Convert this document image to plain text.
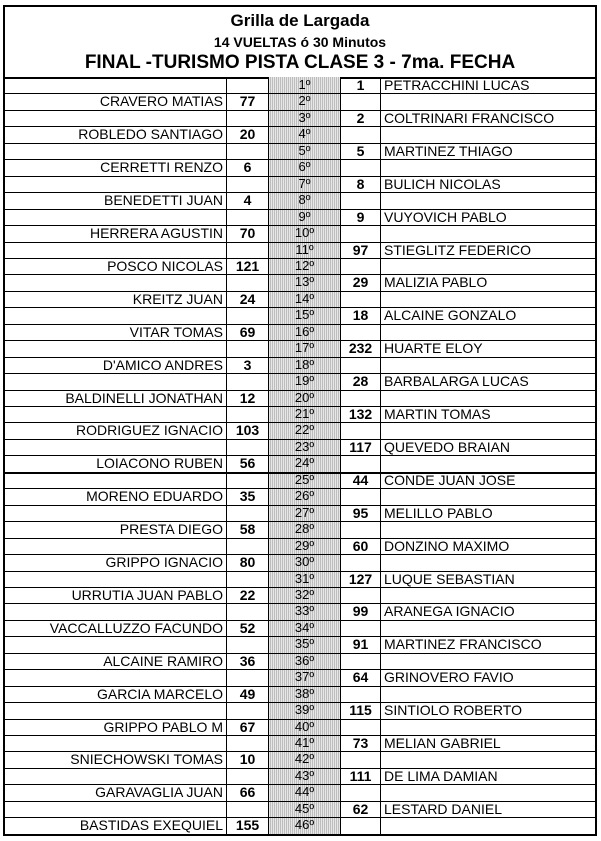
Grilla de Largada
14 VUELTAS ó 30 Minutos
FINAL -TURISMO PISTA CLASE 3 - 7ma. FECHA
1º	1	PETRACCHINI LUCAS
CRAVERO MATIAS	77	2º
3º	2	COLTRINARI FRANCISCO
ROBLEDO SANTIAGO	20	4º
5º	5	MARTINEZ THIAGO
CERRETTI RENZO	6	6º
7º	8	BULICH NICOLAS
BENEDETTI JUAN	4	8º
9º	9	VUYOVICH PABLO
HERRERA AGUSTIN	70	10º
11º	97	STIEGLITZ FEDERICO
POSCO NICOLAS 121	12º
13º	29	MALIZIA PABLO
KREITZ JUAN	24	14º
15º	18	ALCAINE GONZALO
VITAR TOMAS	69	16º
17º	232 HUARTE ELOY
D'AMICO ANDRES	3	18º
19º	28	BARBALARGA LUCAS
BALDINELLI JONATHAN	12	20º
21º	132 MARTIN TOMAS
RODRIGUEZ IGNACIO 103	22º
23º	117 QUEVEDO BRAIAN
LOIACONO RUBEN	56	24º
25º	44	CONDE JUAN JOSE
MORENO EDUARDO	35	26º
27º	95	MELILLO PABLO
PRESTA DIEGO	58	28º
29º	60	DONZINO MAXIMO
GRIPPO IGNACIO	80	30º
31º	127 LUQUE SEBASTIAN
URRUTIA JUAN PABLO	22	32º
33º	99	ARANEGA IGNACIO
VACCALLUZZO FACUNDO	52	34º
35º	91	MARTINEZ FRANCISCO
ALCAINE RAMIRO	36	36º
37º	64	GRINOVERO FAVIO
GARCIA MARCELO	49	38º
39º	115 SINTIOLO ROBERTO
GRIPPO PABLO M	67	40º
41º	73	MELIAN GABRIEL
SNIECHOWSKI TOMAS	10	42º
43º	111 DE LIMA DAMIAN
GARAVAGLIA JUAN	66	44º
45º	62	LESTARD DANIEL
BASTIDAS EXEQUIEL 155	46º
